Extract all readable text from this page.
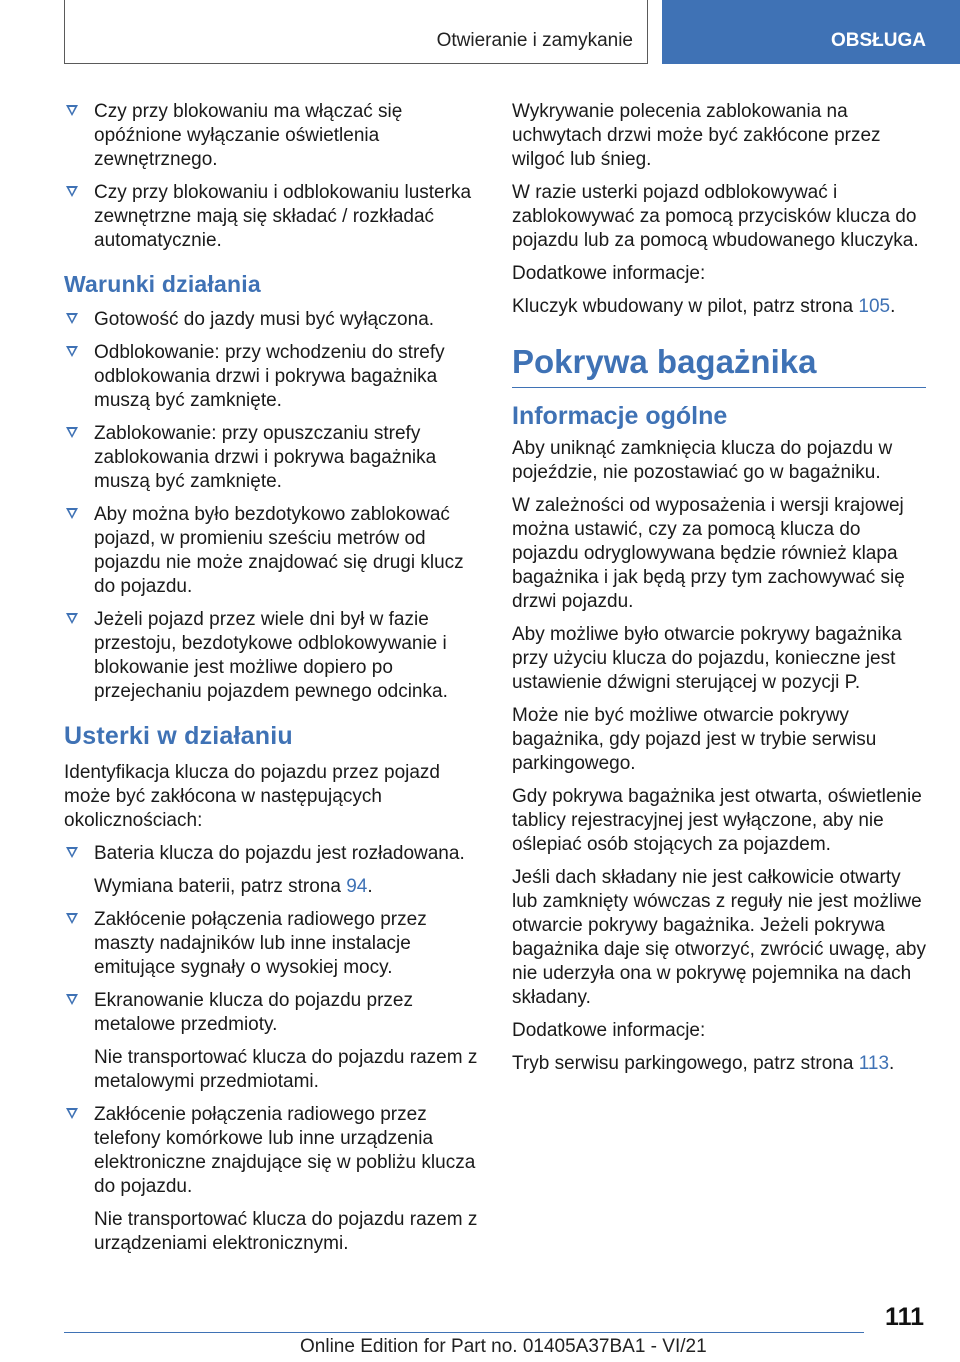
Otwieranie i zamykanie	OBSŁUGA

Czy przy blokowaniu ma włączać się opóźnione wyłączanie oświetlenia zewnętrznego.

Czy przy blokowaniu i odblokowaniu lusterka zewnętrzne mają się składać / rozkładać automatycznie.

Warunki działania

Gotowość do jazdy musi być wyłączona.

Odblokowanie: przy wchodzeniu do strefy odblokowania drzwi i pokrywa bagażnika muszą być zamknięte.

Zablokowanie: przy opuszczaniu strefy zablokowania drzwi i pokrywa bagażnika muszą być zamknięte.

Aby można było bezdotykowo zablokować pojazd, w promieniu sześciu metrów od pojazdu nie może znajdować się drugi klucz do pojazdu.

Jeżeli pojazd przez wiele dni był w fazie przestoju, bezdotykowe odblokowywanie i blokowanie jest możliwe dopiero po przejechaniu pojazdem pewnego odcinka.

Usterki w działaniu

Identyfikacja klucza do pojazdu przez pojazd może być zakłócona w następujących okolicznościach:

Bateria klucza do pojazdu jest rozładowana.

Wymiana baterii, patrz strona 94.

Zakłócenie połączenia radiowego przez maszty nadajników lub inne instalacje emitujące sygnały o wysokiej mocy.

Ekranowanie klucza do pojazdu przez metalowe przedmioty.

Nie transportować klucza do pojazdu razem z metalowymi przedmiotami.

Zakłócenie połączenia radiowego przez telefony komórkowe lub inne urządzenia elektroniczne znajdujące się w pobliżu klucza do pojazdu.

Nie transportować klucza do pojazdu razem z urządzeniami elektronicznymi.

Wykrywanie polecenia zablokowania na uchwytach drzwi może być zakłócone przez wilgoć lub śnieg.

W razie usterki pojazd odblokowywać i zablokowywać za pomocą przycisków klucza do pojazdu lub za pomocą wbudowanego kluczyka.

Dodatkowe informacje:

Kluczyk wbudowany w pilot, patrz strona 105.

Pokrywa bagażnika
Informacje ogólne

Aby uniknąć zamknięcia klucza do pojazdu w pojeździe, nie pozostawiać go w bagażniku.

W zależności od wyposażenia i wersji krajowej można ustawić, czy za pomocą klucza do pojazdu odryglowywana będzie również klapa bagażnika i jak będą przy tym zachowywać się drzwi pojazdu.

Aby możliwe było otwarcie pokrywy bagażnika przy użyciu klucza do pojazdu, konieczne jest ustawienie dźwigni sterującej w pozycji P.

Może nie być możliwe otwarcie pokrywy bagażnika, gdy pojazd jest w trybie serwisu parkingowego.

Gdy pokrywa bagażnika jest otwarta, oświetlenie tablicy rejestracyjnej jest wyłączone, aby nie oślepiać osób stojących za pojazdem.

Jeśli dach składany nie jest całkowicie otwarty lub zamknięty wówczas z reguły nie jest możliwe otwarcie pokrywy bagażnika. Jeżeli pokrywa bagażnika daje się otworzyć, zwrócić uwagę, aby nie uderzyła ona w pokrywę pojemnika na dach składany.

Dodatkowe informacje:

Tryb serwisu parkingowego, patrz strona 113.

111
Online Edition for Part no. 01405A37BA1 - VI/21
